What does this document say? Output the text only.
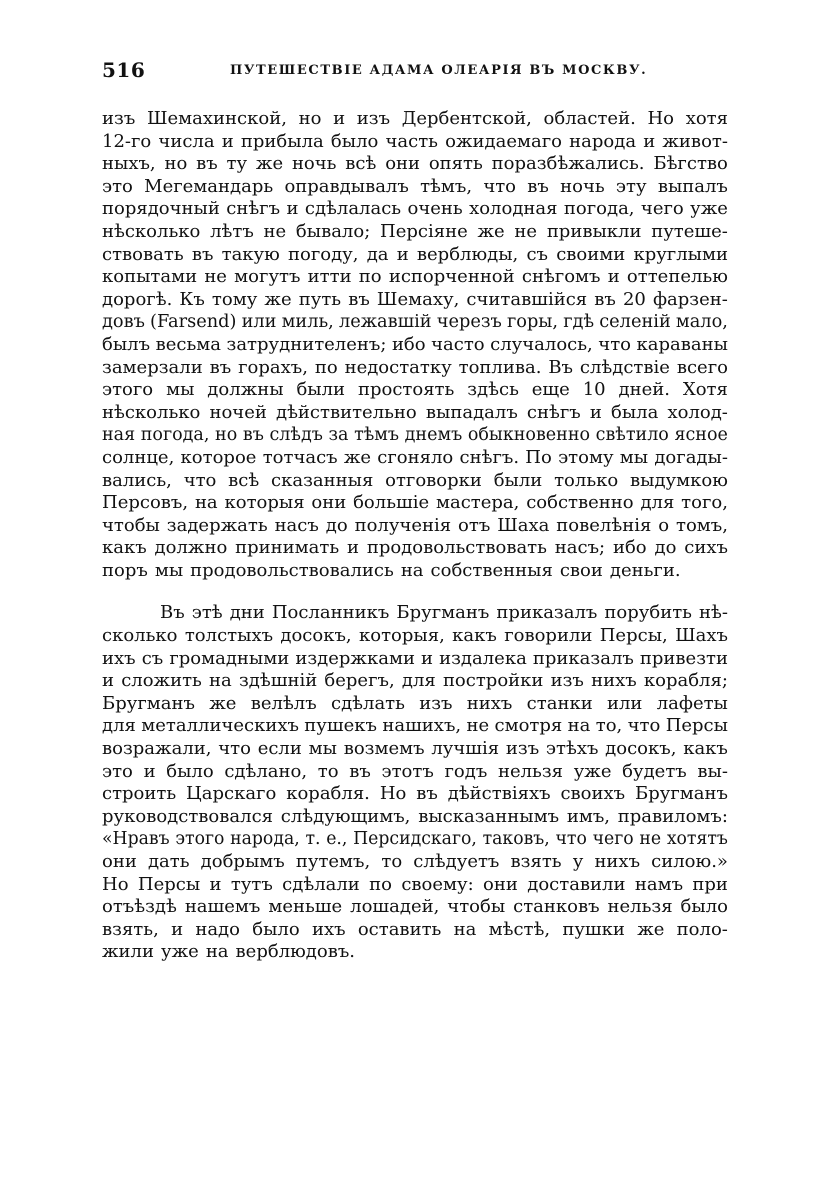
516	ПУТЕШЕСТВІЕ АДАМА ОЛЕАРІЯ ВЪ МОСКВУ.
изъ Шемахинской, но и изъ Дербентской, областей. Но хотя
12-го числа и прибыла было часть ожидаемаго народа и живот-
ныхъ, но въ ту же ночь всѣ они опять поразбѣжались. Бѣгство
это Мегемандарь оправдывалъ тѣмъ, что въ ночь эту выпалъ
порядочный снѣгъ и сдѣлалась очень холодная погода, чего уже
нѣсколько лѣтъ не бывало; Персіяне же не привыкли путеше-
ствовать въ такую погоду, да и верблюды, съ своими круглыми
копытами не могутъ итти по испорченной снѣгомъ и оттепелью
дорогѣ. Къ тому же путь въ Шемаху, считавшійся въ 20 фарзен-
довъ (Farsend) или миль, лежавшій черезъ горы, гдѣ селеній мало,
былъ весьма затруднителенъ; ибо часто случалось, что караваны
замерзали въ горахъ, по недостатку топлива. Въ слѣдствіе всего
этого мы должны были простоять здѣсь еще 10 дней. Хотя
нѣсколько ночей дѣйствительно выпадалъ снѣгъ и была холод-
ная погода, но въ слѣдъ за тѣмъ днемъ обыкновенно свѣтило ясное
солнце, которое тотчасъ же сгоняло снѣгъ. По этому мы догады-
вались, что всѣ сказанныя отговорки были только выдумкою
Персовъ, на которыя они большіе мастера, собственно для того,
чтобы задержать насъ до полученія отъ Шаха повелѣнія о томъ,
какъ должно принимать и продовольствовать насъ; ибо до сихъ
поръ мы продовольствовались на собственныя свои деньги.
Въ этѣ дни Посланникъ Бругманъ приказалъ порубить нѣ-
сколько толстыхъ досокъ, которыя, какъ говорили Персы, Шахъ
ихъ съ громадными издержками и издалека приказалъ привезти
и сложить на здѣшній берегъ, для постройки изъ нихъ корабля;
Бругманъ же велѣлъ сдѣлать изъ нихъ станки или лафеты
для металлическихъ пушекъ нашихъ, не смотря на то, что Персы
возражали, что если мы возмемъ лучшія изъ этѣхъ досокъ, какъ
это и было сдѣлано, то въ этотъ годъ нельзя уже будетъ вы-
строить Царскаго корабля. Но въ дѣйствіяхъ своихъ Бругманъ
руководствовался слѣдующимъ, высказаннымъ имъ, правиломъ:
«Нравъ этого народа, т. е., Персидскаго, таковъ, что чего не хотятъ
они дать добрымъ путемъ, то слѣдуетъ взять у нихъ силою.»
Но Персы и тутъ сдѣлали по своему: они доставили намъ при
отъѣздѣ нашемъ меньше лошадей, чтобы станковъ нельзя было
взять, и надо было ихъ оставить на мѣстѣ, пушки же поло-
жили уже на верблюдовъ.
